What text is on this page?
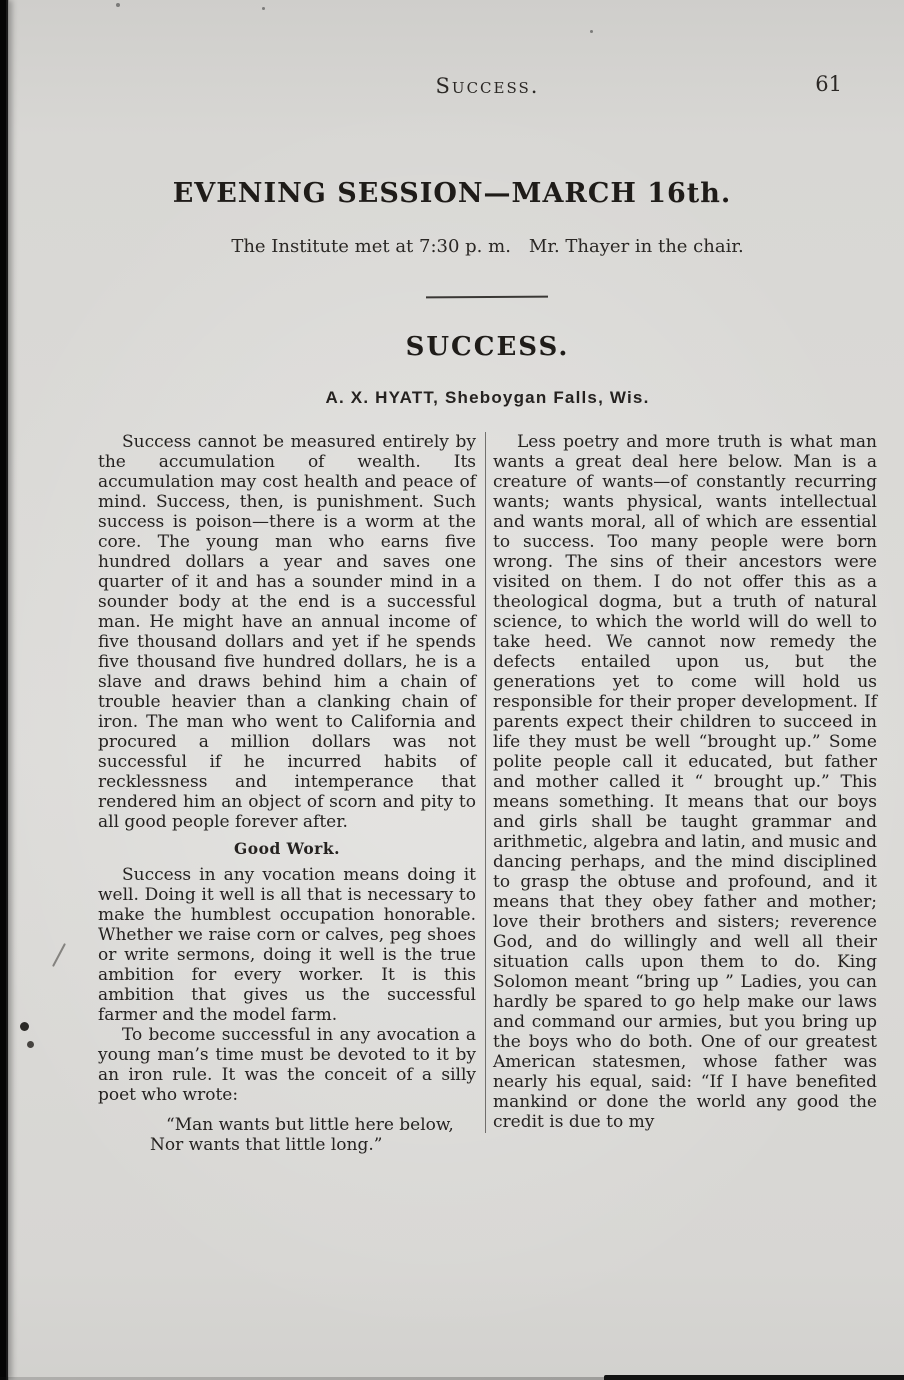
Success.	61
EVENING SESSION—MARCH 16th.
The Institute met at 7:30 p. m. Mr. Thayer in the chair.
SUCCESS.
A. X. HYATT, Sheboygan Falls, Wis.

Success cannot be measured entirely by the accumulation of wealth. Its accumulation may cost health and peace of mind. Success, then, is punishment. Such success is poison—there is a worm at the core. The young man who earns five hundred dollars a year and saves one quarter of it and has a sounder mind in a sounder body at the end is a successful man. He might have an annual income of five thousand dollars and yet if he spends five thousand five hundred dollars, he is a slave and draws behind him a chain of trouble heavier than a clanking chain of iron. The man who went to California and procured a million dollars was not successful if he incurred habits of recklessness and intemperance that rendered him an object of scorn and pity to all good people forever after.

Good Work.

Success in any vocation means doing it well. Doing it well is all that is necessary to make the humblest occupation honorable. Whether we raise corn or calves, peg shoes or write sermons, doing it well is the true ambition for every worker. It is this ambition that gives us the successful farmer and the model farm.

To become successful in any avocation a young man’s time must be devoted to it by an iron rule. It was the conceit of a silly poet who wrote:

“Man wants but little here below,

Nor wants that little long.”

Less poetry and more truth is what man wants a great deal here below. Man is a creature of wants—of constantly recurring wants; wants physical, wants intellectual and wants moral, all of which are essential to success. Too many people were born wrong. The sins of their ancestors were visited on them. I do not offer this as a theological dogma, but a truth of natural science, to which the world will do well to take heed. We cannot now remedy the defects entailed upon us, but the generations yet to come will hold us responsible for their proper development. If parents expect their children to succeed in life they must be well “brought up.” Some polite people call it educated, but father and mother called it “ brought up.” This means something. It means that our boys and girls shall be taught grammar and arithmetic, algebra and latin, and music and dancing perhaps, and the mind disciplined to grasp the obtuse and profound, and it means that they obey father and mother; love their brothers and sisters; reverence God, and do willingly and well all their situation calls upon them to do. King Solomon meant “bring up ” Ladies, you can hardly be spared to go help make our laws and command our armies, but you bring up the boys who do both. One of our greatest American statesmen, whose father was nearly his equal, said: “If I have benefited mankind or done the world any good the credit is due to my
